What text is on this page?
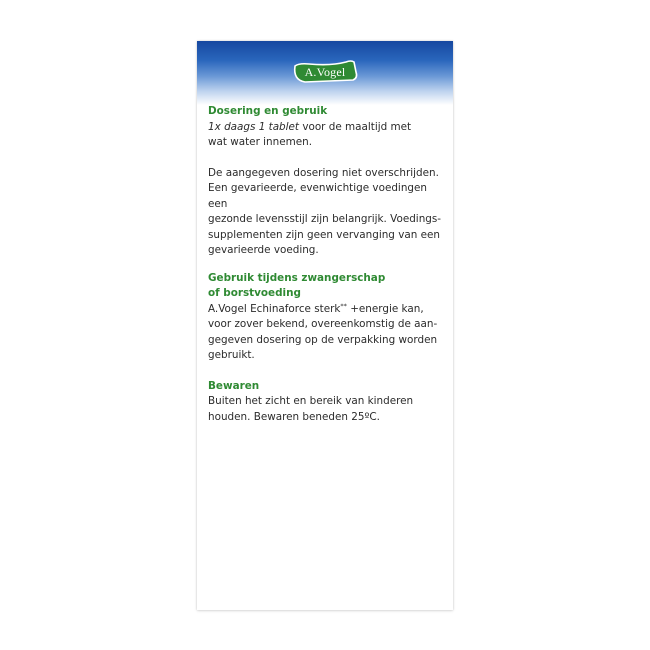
A.Vogel
Dosering en gebruik
1x daags 1 tablet voor de maaltijd met
wat water innemen.
De aangegeven dosering niet overschrijden.
Een gevarieerde, evenwichtige voedingen een
gezonde levensstijl zijn belangrijk. Voedings-
supplementen zijn geen vervanging van een
gevarieerde voeding.
Gebruik tijdens zwangerschap
of borstvoeding
A.Vogel Echinaforce sterk** +energie kan,
voor zover bekend, overeenkomstig de aan-
gegeven dosering op de verpakking worden
gebruikt.
Bewaren
Buiten het zicht en bereik van kinderen
houden. Bewaren beneden 25ºC.
